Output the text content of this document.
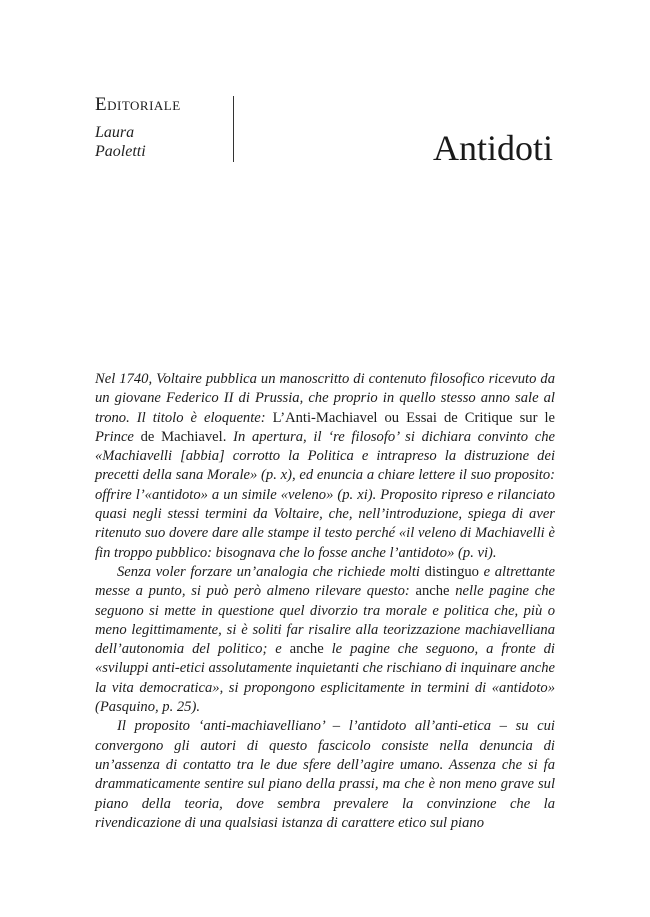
Editoriale
Laura
Paoletti	Antidoti

Nel 1740, Voltaire pubblica un manoscritto di contenuto filosofico ricevuto da un giovane Federico II di Prussia, che proprio in quello stesso anno sale al trono. Il titolo è eloquente: L’Anti-Machiavel ou Essai de Critique sur le Prince de Machiavel. In apertura, il ‘re filosofo’ si dichiara convinto che «Machiavelli [abbia] corrotto la Politica e intrapreso la distruzione dei precetti della sana Morale» (p. x), ed enuncia a chiare lettere il suo proposito: offrire l’«antidoto» a un simile «veleno» (p. xi). Proposito ripreso e rilanciato quasi negli stessi termini da Voltaire, che, nell’introduzione, spiega di aver ritenuto suo dovere dare alle stampe il testo perché «il veleno di Machiavelli è fin troppo pubblico: bisognava che lo fosse anche l’antidoto» (p. vi).

Senza voler forzare un’analogia che richiede molti distinguo e altrettante messe a punto, si può però almeno rilevare questo: anche nelle pagine che seguono si mette in questione quel divorzio tra morale e politica che, più o meno legittimamente, si è soliti far risalire alla teorizzazione machiavelliana dell’autonomia del politico; e anche le pagine che seguono, a fronte di «sviluppi anti-etici assolutamente inquietanti che rischiano di inquinare anche la vita democratica», si propongono esplicitamente in termini di «antidoto» (Pasquino, p. 25).

Il proposito ‘anti-machiavelliano’ – l’antidoto all’anti-etica – su cui convergono gli autori di questo fascicolo consiste nella denuncia di un’assenza di contatto tra le due sfere dell’agire umano. Assenza che si fa drammaticamente sentire sul piano della prassi, ma che è non meno grave sul piano della teoria, dove sembra prevalere la convinzione che la rivendicazione di una qualsiasi istanza di carattere etico sul piano
